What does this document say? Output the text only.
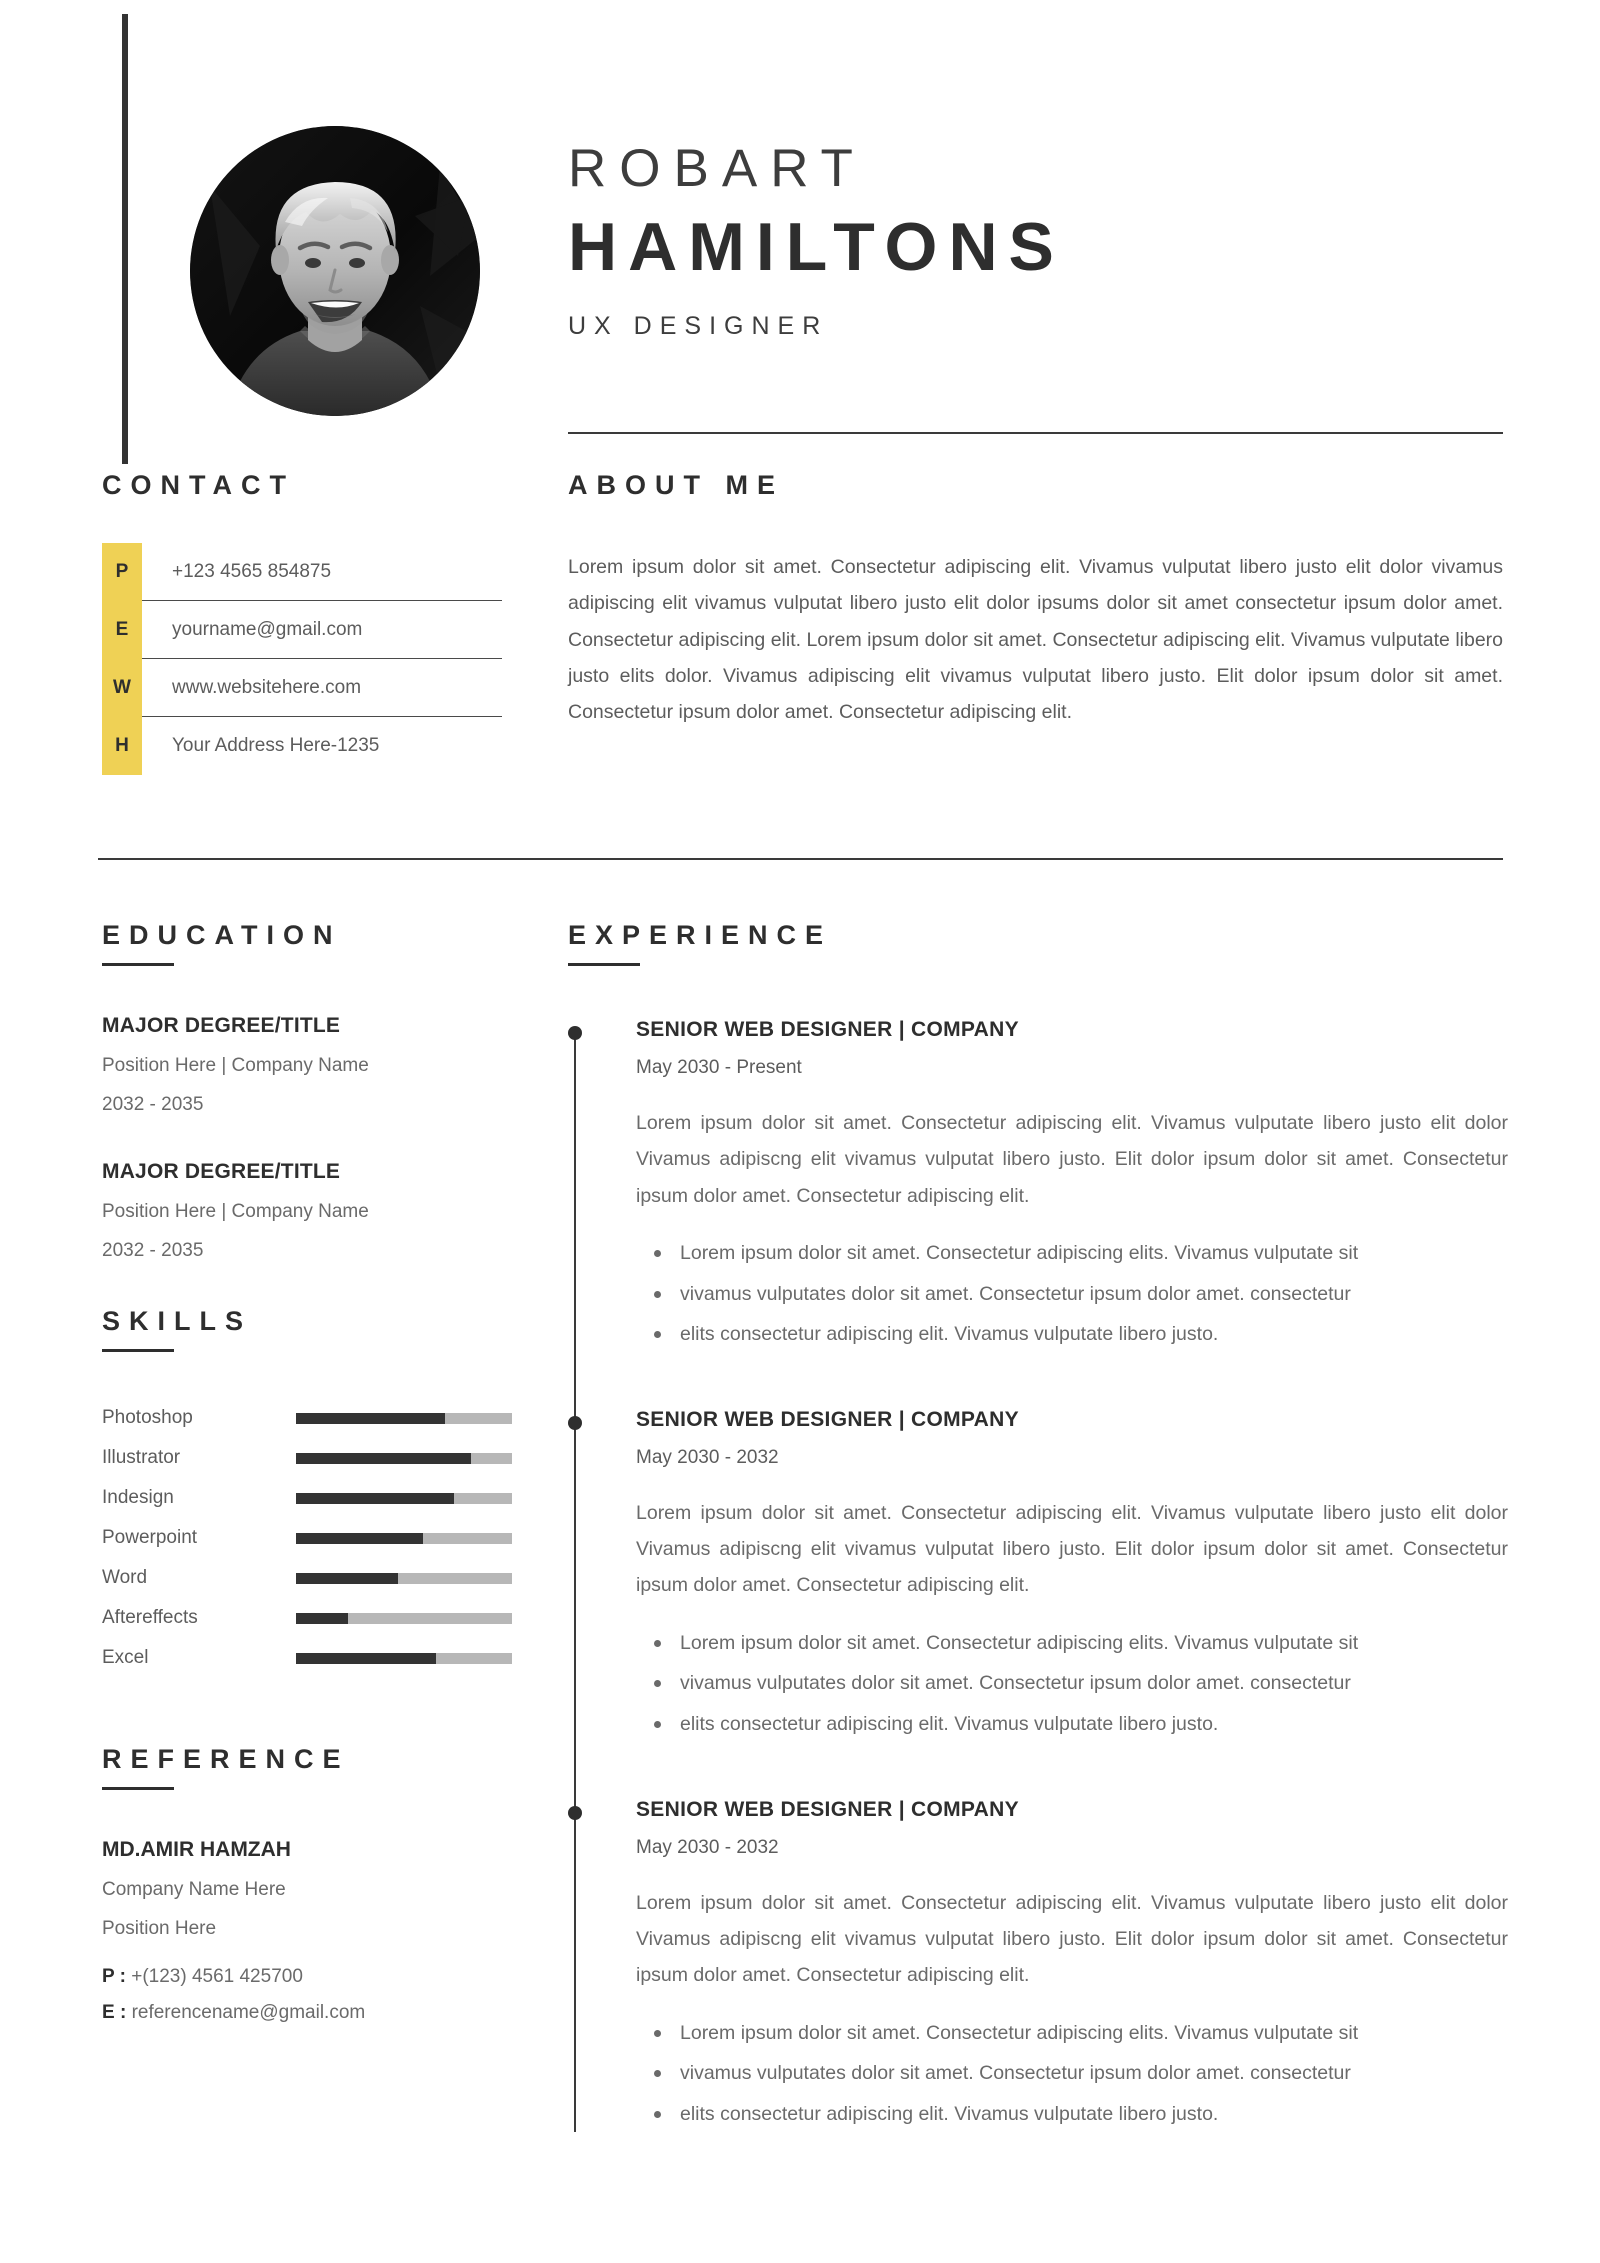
ROBART
HAMILTONS
UX DESIGNER
CONTACT
P	+123 4565 854875
E	yourname@gmail.com
W	www.websitehere.com
H	Your Address Here-1235
ABOUT ME
Lorem ipsum dolor sit amet. Consectetur adipiscing elit. Vivamus vulputat libero justo elit dolor vivamus adipiscing elit vivamus vulputat libero justo elit dolor ipsums dolor sit amet consectetur ipsum dolor amet. Consectetur adipiscing elit. Lorem ipsum dolor sit amet. Consectetur adipiscing elit. Vivamus vulputate libero justo elits dolor. Vivamus adipiscing elit vivamus vulputat libero justo. Elit dolor ipsum dolor sit amet. Consectetur ipsum dolor amet. Consectetur adipiscing elit.
EDUCATION
MAJOR DEGREE/TITLE
Position Here | Company Name
2032 - 2035
MAJOR DEGREE/TITLE
Position Here | Company Name
2032 - 2035
SKILLS
Photoshop
Illustrator
Indesign
Powerpoint
Word
Aftereffects
Excel
REFERENCE
MD.AMIR HAMZAH
Company Name Here
Position Here
P : +(123) 4561 425700
E : referencename@gmail.com
EXPERIENCE
SENIOR WEB DESIGNER | COMPANY
May 2030 - Present
Lorem ipsum dolor sit amet. Consectetur adipiscing elit. Vivamus vulputate libero justo elit dolor Vivamus adipiscng elit vivamus vulputat libero justo. Elit dolor ipsum dolor sit amet. Consectetur ipsum dolor amet. Consectetur adipiscing elit.
Lorem ipsum dolor sit amet. Consectetur adipiscing elits. Vivamus vulputate sit
vivamus vulputates dolor sit amet. Consectetur ipsum dolor amet. consectetur
elits consectetur adipiscing elit. Vivamus vulputate libero justo.
SENIOR WEB DESIGNER | COMPANY
May 2030 - 2032
Lorem ipsum dolor sit amet. Consectetur adipiscing elit. Vivamus vulputate libero justo elit dolor Vivamus adipiscng elit vivamus vulputat libero justo. Elit dolor ipsum dolor sit amet. Consectetur ipsum dolor amet. Consectetur adipiscing elit.
Lorem ipsum dolor sit amet. Consectetur adipiscing elits. Vivamus vulputate sit
vivamus vulputates dolor sit amet. Consectetur ipsum dolor amet. consectetur
elits consectetur adipiscing elit. Vivamus vulputate libero justo.
SENIOR WEB DESIGNER | COMPANY
May 2030 - 2032
Lorem ipsum dolor sit amet. Consectetur adipiscing elit. Vivamus vulputate libero justo elit dolor Vivamus adipiscng elit vivamus vulputat libero justo. Elit dolor ipsum dolor sit amet. Consectetur ipsum dolor amet. Consectetur adipiscing elit.
Lorem ipsum dolor sit amet. Consectetur adipiscing elits. Vivamus vulputate sit
vivamus vulputates dolor sit amet. Consectetur ipsum dolor amet. consectetur
elits consectetur adipiscing elit. Vivamus vulputate libero justo.
